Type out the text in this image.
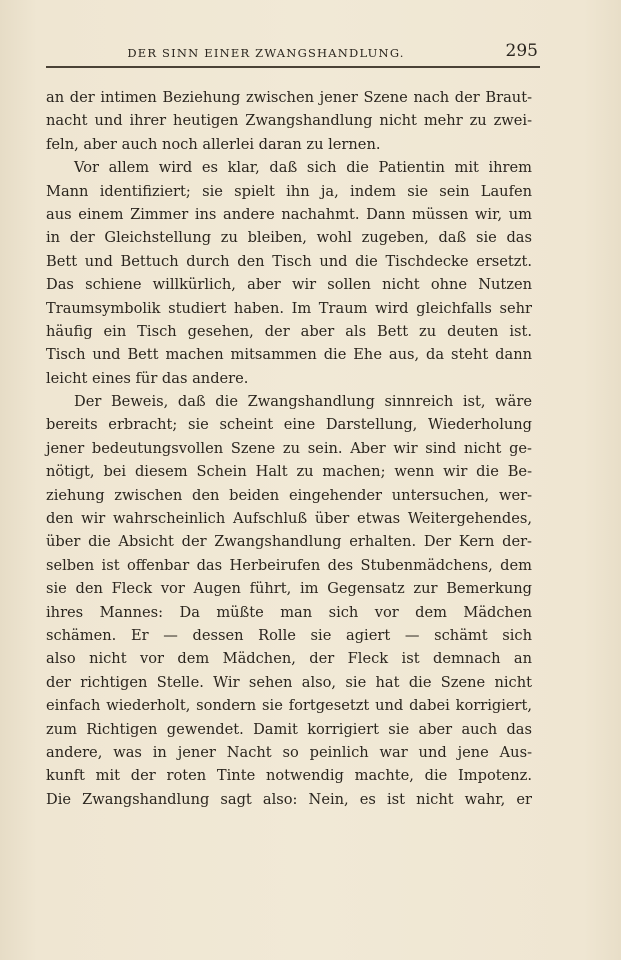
DER SINN EINER ZWANGSHANDLUNG.	295
an der intimen Beziehung zwischen jener Szene nach der Braut-
nacht und ihrer heutigen Zwangshandlung nicht mehr zu zwei-
feln, aber auch noch allerlei daran zu lernen.
Vor allem wird es klar, daß sich die Patientin mit ihrem
Mann identifiziert; sie spielt ihn ja, indem sie sein Laufen
aus einem Zimmer ins andere nachahmt. Dann müssen wir, um
in der Gleichstellung zu bleiben, wohl zugeben, daß sie das
Bett und Bettuch durch den Tisch und die Tischdecke ersetzt.
Das schiene willkürlich, aber wir sollen nicht ohne Nutzen
Traumsymbolik studiert haben. Im Traum wird gleichfalls sehr
häufig ein Tisch gesehen, der aber als Bett zu deuten ist.
Tisch und Bett machen mitsammen die Ehe aus, da steht dann
leicht eines für das andere.
Der Beweis, daß die Zwangshandlung sinnreich ist, wäre
bereits erbracht; sie scheint eine Darstellung, Wiederholung
jener bedeutungsvollen Szene zu sein. Aber wir sind nicht ge-
nötigt, bei diesem Schein Halt zu machen; wenn wir die Be-
ziehung zwischen den beiden eingehender untersuchen, wer-
den wir wahrscheinlich Aufschluß über etwas Weitergehendes,
über die Absicht der Zwangshandlung erhalten. Der Kern der-
selben ist offenbar das Herbeirufen des Stubenmädchens, dem
sie den Fleck vor Augen führt, im Gegensatz zur Bemerkung
ihres Mannes: Da müßte man sich vor dem Mädchen
schämen. Er — dessen Rolle sie agiert — schämt sich
also nicht vor dem Mädchen, der Fleck ist demnach an
der richtigen Stelle. Wir sehen also, sie hat die Szene nicht
einfach wiederholt, sondern sie fortgesetzt und dabei korrigiert,
zum Richtigen gewendet. Damit korrigiert sie aber auch das
andere, was in jener Nacht so peinlich war und jene Aus-
kunft mit der roten Tinte notwendig machte, die Impotenz.
Die Zwangshandlung sagt also: Nein, es ist nicht wahr, er
